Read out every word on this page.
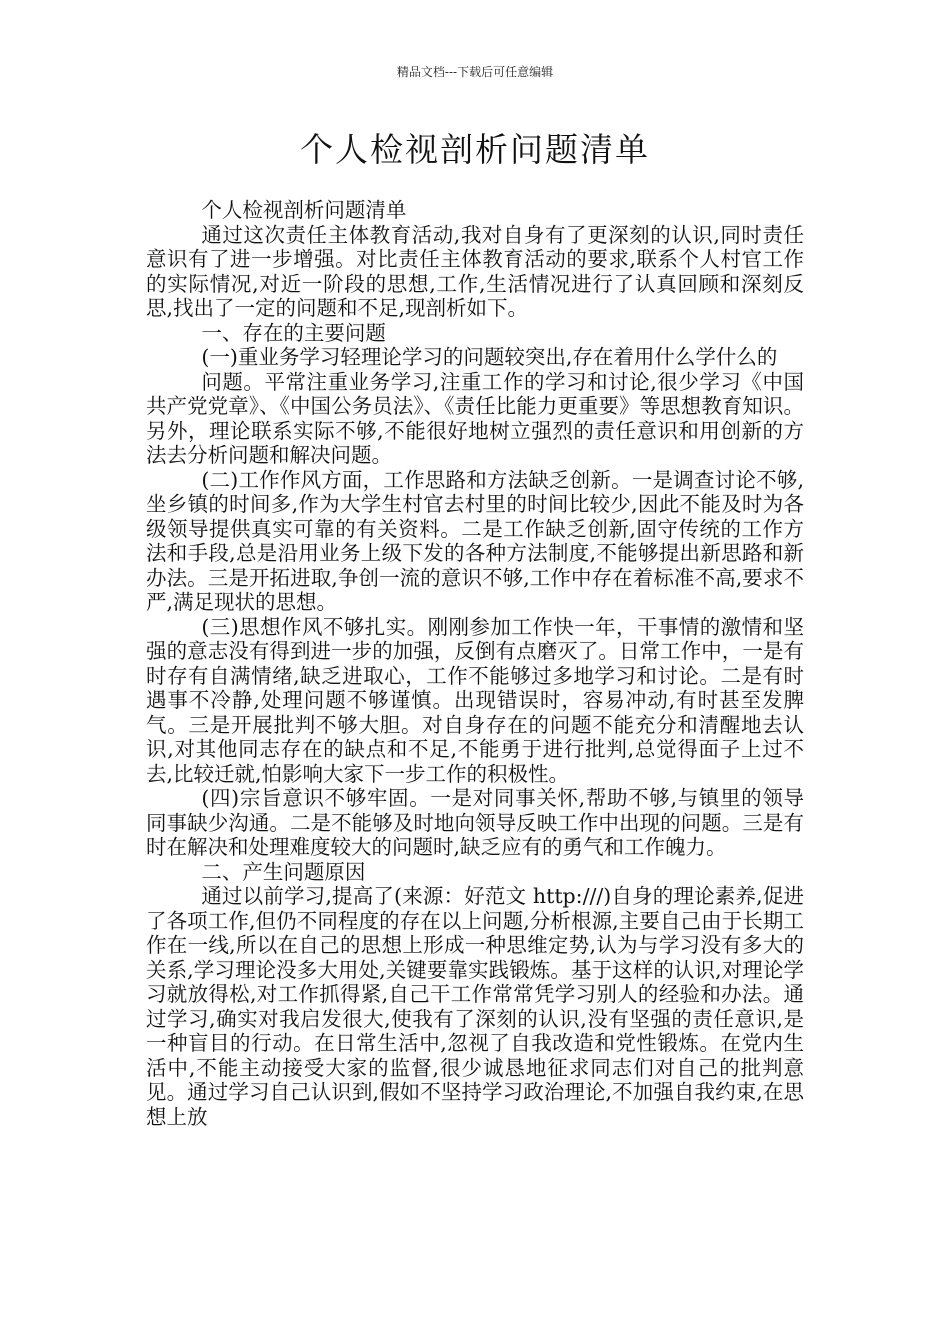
精品文档---下载后可任意编辑
个人检视剖析问题清单

个人检视剖析问题清单

通过这次责任主体教育活动,我对自身有了更深刻的认识,同时责任意识有了进一步增强。对比责任主体教育活动的要求,联系个人村官工作的实际情况,对近一阶段的思想,工作,生活情况进行了认真回顾和深刻反思,找出了一定的问题和不足,现剖析如下。

一、存在的主要问题

(一)重业务学习轻理论学习的问题较突出,存在着用什么学什么的

问题。平常注重业务学习,注重工作的学习和讨论,很少学习《中国共产党党章》、《中国公务员法》、《责任比能力更重要》等思想教育知识。另外，理论联系实际不够,不能很好地树立强烈的责任意识和用创新的方法去分析问题和解决问题。

(二)工作作风方面，工作思路和方法缺乏创新。一是调查讨论不够,坐乡镇的时间多,作为大学生村官去村里的时间比较少,因此不能及时为各级领导提供真实可靠的有关资料。二是工作缺乏创新,固守传统的工作方法和手段,总是沿用业务上级下发的各种方法制度,不能够提出新思路和新办法。三是开拓进取,争创一流的意识不够,工作中存在着标准不高,要求不严,满足现状的思想。

(三)思想作风不够扎实。刚刚参加工作快一年，干事情的激情和坚强的意志没有得到进一步的加强，反倒有点磨灭了。日常工作中，一是有时存有自满情绪,缺乏进取心，工作不能够过多地学习和讨论。二是有时遇事不冷静,处理问题不够谨慎。出现错误时，容易冲动,有时甚至发脾气。三是开展批判不够大胆。对自身存在的问题不能充分和清醒地去认识,对其他同志存在的缺点和不足,不能勇于进行批判,总觉得面子上过不去,比较迁就,怕影响大家下一步工作的积极性。

(四)宗旨意识不够牢固。一是对同事关怀,帮助不够,与镇里的领导同事缺少沟通。二是不能够及时地向领导反映工作中出现的问题。三是有时在解决和处理难度较大的问题时,缺乏应有的勇气和工作魄力。

二、产生问题原因

通过以前学习,提高了(来源：好范文 http:///)自身的理论素养,促进了各项工作,但仍不同程度的存在以上问题,分析根源,主要自己由于长期工作在一线,所以在自己的思想上形成一种思维定势,认为与学习没有多大的关系,学习理论没多大用处,关键要靠实践锻炼。基于这样的认识,对理论学习就放得松,对工作抓得紧,自己干工作常常凭学习别人的经验和办法。通过学习,确实对我启发很大,使我有了深刻的认识,没有坚强的责任意识,是一种盲目的行动。在日常生活中,忽视了自我改造和党性锻炼。在党内生活中,不能主动接受大家的监督,很少诚恳地征求同志们对自己的批判意见。通过学习自己认识到,假如不坚持学习政治理论,不加强自我约束,在思想上放
